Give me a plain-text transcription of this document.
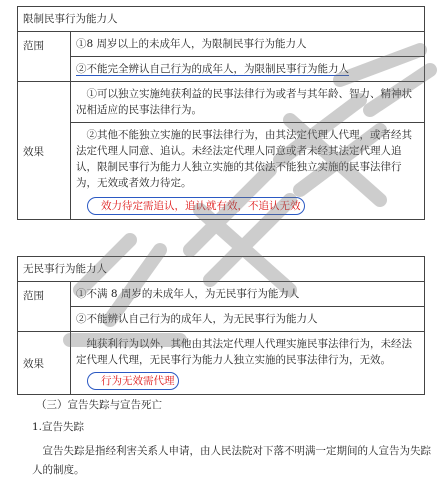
限制民事行为能力人	
范围	①8 周岁以上的未成年人，为限制民事行为能力人
	②不能完全辨认自己行为的成年人，为限制民事行为能力人
效果	①可以独立实施纯获利益的民事法律行为或者与其年龄、智力、精神状况相适应的民事法律行为。

	②其他不能独立实施的民事法律行为，由其法定代理人代理，或者经其法定代理人同意、追认。未经法定代理人同意或者未经其法定代理人追认，限制民事行为能力人独立实施的其依法不能独立实施的民事法律行为，无效或者效力待定。

效力待定需追认，追认就有效，不追认无效

无民事行为能力人	
范围	①不满 8 周岁的未成年人，为无民事行为能力人
	②不能辨认自己行为的成年人，为无民事行为能力人
效果	纯获利行为以外，其他由其法定代理人代理实施民事法律行为，未经法定代理人代理，无民事行为能力人独立实施的民事法律行为，无效。

行为无效需代理

（三）宣告失踪与宣告死亡
1.宣告失踪
宣告失踪是指经利害关系人申请，由人民法院对下落不明满一定期间的人宣告为失踪人的制度。
